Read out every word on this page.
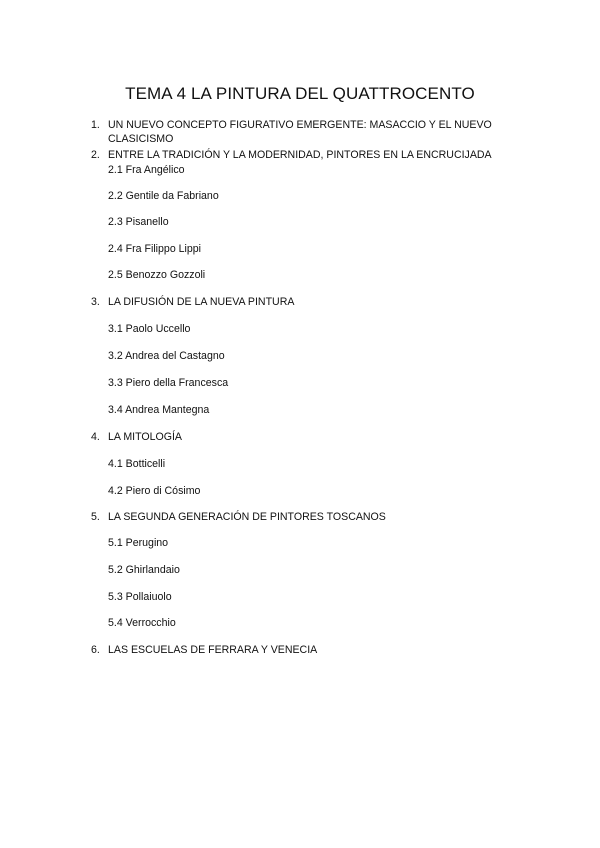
TEMA 4 LA PINTURA DEL QUATTROCENTO
1. UN NUEVO CONCEPTO FIGURATIVO EMERGENTE: MASACCIO Y EL NUEVO CLASICISMO
2. ENTRE LA TRADICIÓN Y LA MODERNIDAD, PINTORES EN LA ENCRUCIJADA
2.1 Fra Angélico
2.2 Gentile da Fabriano
2.3 Pisanello
2.4 Fra Filippo Lippi
2.5 Benozzo Gozzoli
3. LA DIFUSIÓN DE LA NUEVA PINTURA
3.1 Paolo Uccello
3.2 Andrea del Castagno
3.3 Piero della Francesca
3.4 Andrea Mantegna
4. LA MITOLOGÍA
4.1 Botticelli
4.2 Piero di Cósimo
5. LA SEGUNDA GENERACIÓN DE PINTORES TOSCANOS
5.1 Perugino
5.2 Ghirlandaio
5.3 Pollaiuolo
5.4 Verrocchio
6. LAS ESCUELAS DE FERRARA Y VENECIA
